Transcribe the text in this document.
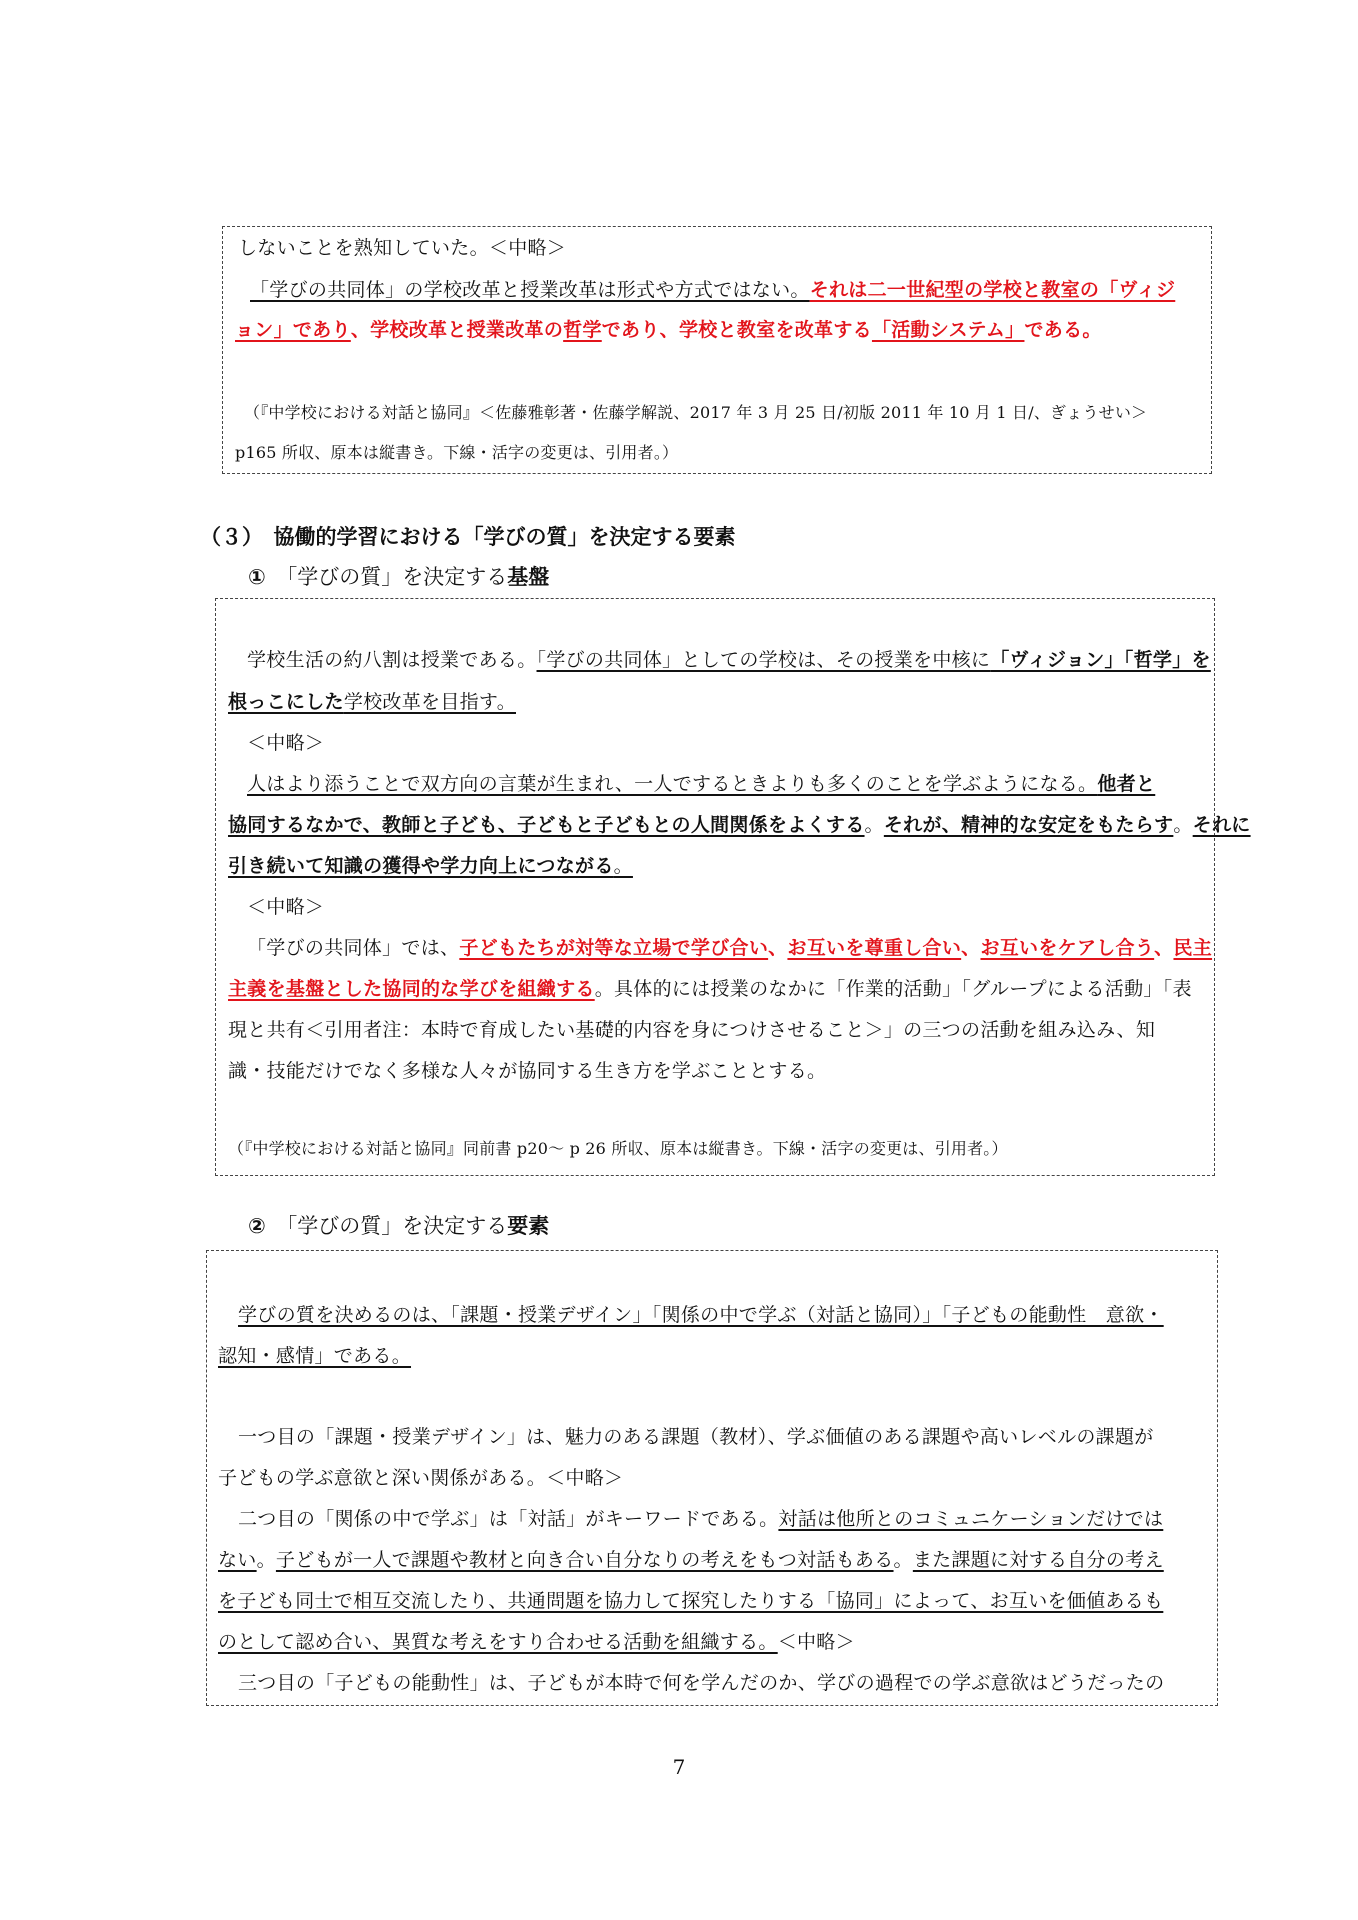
しないことを熟知していた。＜中略＞
「学びの共同体」の学校改革と授業改革は形式や方式ではない。それは二一世紀型の学校と教室の「ヴィジ
ョン」であり、学校改革と授業改革の哲学であり、学校と教室を改革する「活動システム」である。
（『中学校における対話と協同』＜佐藤雅彰著・佐藤学解説、2017 年 3 月 25 日/初版 2011 年 10 月 1 日/、ぎょうせい＞
p165 所収、原本は縦書き。下線・活字の変更は、引用者。）
（３）　協働的学習における「学びの質」を決定する要素
①　 「学びの質」を決定する基盤
学校生活の約八割は授業である。「学びの共同体」としての学校は、その授業を中核に「ヴィジョン」「哲学」を
根っこにした学校改革を目指す。
＜中略＞
人はより添うことで双方向の言葉が生まれ、一人でするときよりも多くのことを学ぶようになる。他者と
協同するなかで、教師と子ども、子どもと子どもとの人間関係をよくする。それが、精神的な安定をもたらす。それに
引き続いて知識の獲得や学力向上につながる。
＜中略＞
「学びの共同体」では、子どもたちが対等な立場で学び合い、お互いを尊重し合い、お互いをケアし合う、民主
主義を基盤とした協同的な学びを組織する。具体的には授業のなかに「作業的活動」「グループによる活動」「表
現と共有＜引用者注：本時で育成したい基礎的内容を身につけさせること＞」の三つの活動を組み込み、知
識・技能だけでなく多様な人々が協同する生き方を学ぶこととする。
（『中学校における対話と協同』同前書 p20～ p 26 所収、原本は縦書き。下線・活字の変更は、引用者。）
②　 「学びの質」を決定する要素
学びの質を決めるのは、「課題・授業デザイン」「関係の中で学ぶ（対話と協同）」「子どもの能動性　意欲・
認知・感情」である。
一つ目の「課題・授業デザイン」は、魅力のある課題（教材）、学ぶ価値のある課題や高いレベルの課題が
子どもの学ぶ意欲と深い関係がある。＜中略＞
二つ目の「関係の中で学ぶ」は「対話」がキーワードである。対話は他所とのコミュニケーションだけでは
ない。子どもが一人で課題や教材と向き合い自分なりの考えをもつ対話もある。また課題に対する自分の考え
を子ども同士で相互交流したり、共通問題を協力して探究したりする「協同」によって、お互いを価値あるも
のとして認め合い、異質な考えをすり合わせる活動を組織する。＜中略＞
三つ目の「子どもの能動性」は、子どもが本時で何を学んだのか、学びの過程での学ぶ意欲はどうだったの
7
